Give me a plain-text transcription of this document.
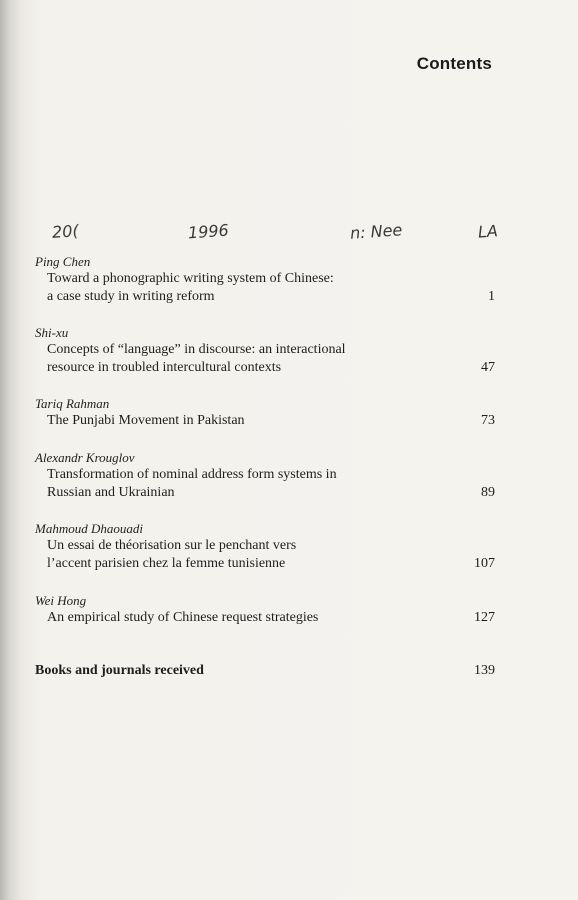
Contents
20(	1996	n: Nee	LA
Ping Chen
Toward a phonographic writing system of Chinese:
a case study in writing reform	1
Shi-xu
Concepts of “language” in discourse: an interactional
resource in troubled intercultural contexts	47
Tariq Rahman
The Punjabi Movement in Pakistan	73
Alexandr Krouglov
Transformation of nominal address form systems in
Russian and Ukrainian	89
Mahmoud Dhaouadi
Un essai de théorisation sur le penchant vers
l’accent parisien chez la femme tunisienne	107
Wei Hong
An empirical study of Chinese request strategies	127
Books and journals received	139
